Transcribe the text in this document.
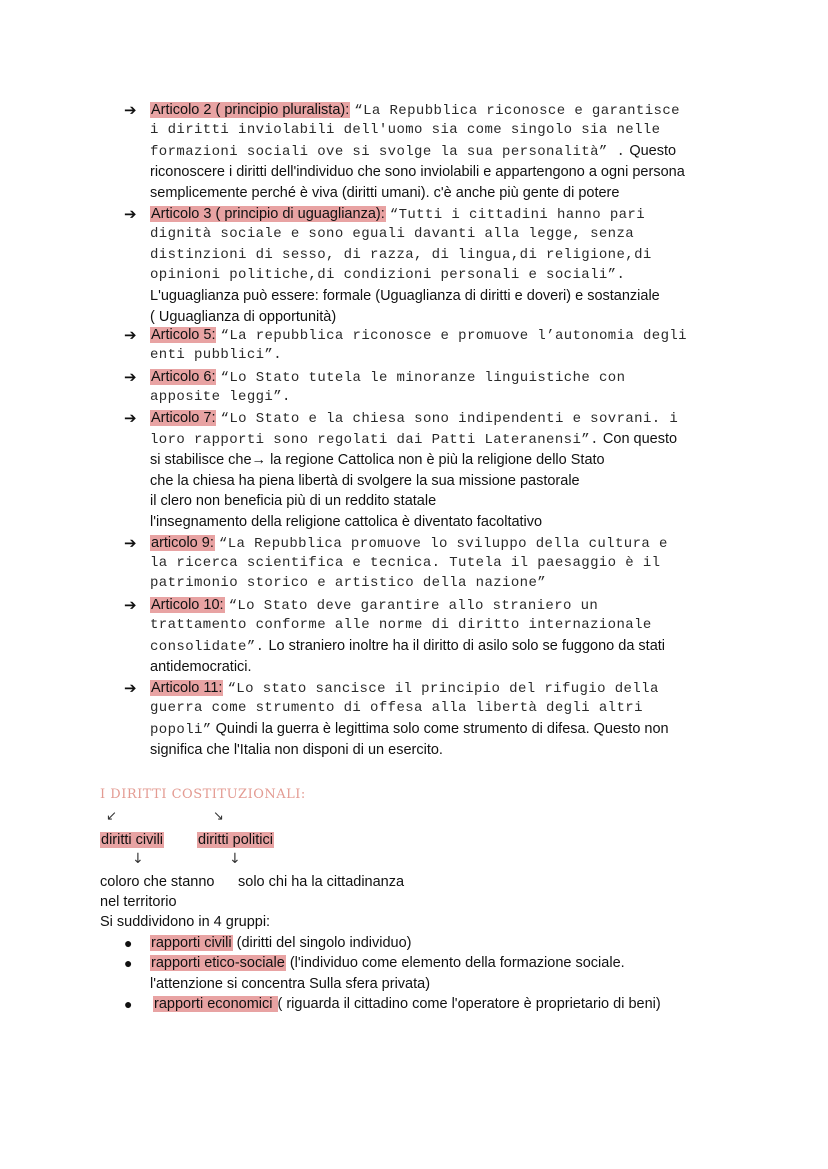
➔ Articolo 2 ( principio pluralista): “La Repubblica riconosce e garantisce
i diritti inviolabili dell'uomo sia come singolo sia nelle
formazioni sociali ove si svolge la sua personalità” . Questo
riconoscere i diritti dell'individuo che sono inviolabili e appartengono a ogni persona
semplicemente perché è viva (diritti umani). c'è anche più gente di potere
➔ Articolo 3 ( principio di uguaglianza): “Tutti i cittadini hanno pari
dignità sociale e sono eguali davanti alla legge, senza
distinzioni di sesso, di razza, di lingua,di religione,di
opinioni politiche,di condizioni personali e sociali”.
L'uguaglianza può essere: formale (Uguaglianza di diritti e doveri) e sostanziale
( Uguaglianza di opportunità)
➔ Articolo 5: “La repubblica riconosce e promuove l’autonomia degli
enti pubblici”.
➔ Articolo 6: “Lo Stato tutela le minoranze linguistiche con
apposite leggi”.
➔ Articolo 7: “Lo Stato e la chiesa sono indipendenti e sovrani. i
loro rapporti sono regolati dai Patti Lateranensi”. Con questo
si stabilisce che→ la regione Cattolica non è più la religione dello Stato
che la chiesa ha piena libertà di svolgere la sua missione pastorale
il clero non beneficia più di un reddito statale
l'insegnamento della religione cattolica è diventato facoltativo
➔ articolo 9: “La Repubblica promuove lo sviluppo della cultura e
la ricerca scientifica e tecnica. Tutela il paesaggio è il
patrimonio storico e artistico della nazione”
➔ Articolo 10: “Lo Stato deve garantire allo straniero un
trattamento conforme alle norme di diritto internazionale
consolidate”. Lo straniero inoltre ha il diritto di asilo solo se fuggono da stati
antidemocratici.
➔ Articolo 11: “Lo stato sancisce il principio del rifugio della
guerra come strumento di offesa alla libertà degli altri
popoli” Quindi la guerra è legittima solo come strumento di difesa. Questo non
significa che l'Italia non disponi di un esercito.
I DIRITTI COSTITUZIONALI:
↙	↘
diritti civili diritti politici
↓	↓
coloro che stanno solo chi ha la cittadinanza
nel territorio
Si suddividono in 4 gruppi:
● rapporti civili (diritti del singolo individuo)
● rapporti etico-sociale (l'individuo come elemento della formazione sociale.
l'attenzione si concentra Sulla sfera privata)
● rapporti economici ( riguarda il cittadino come l'operatore è proprietario di beni)
